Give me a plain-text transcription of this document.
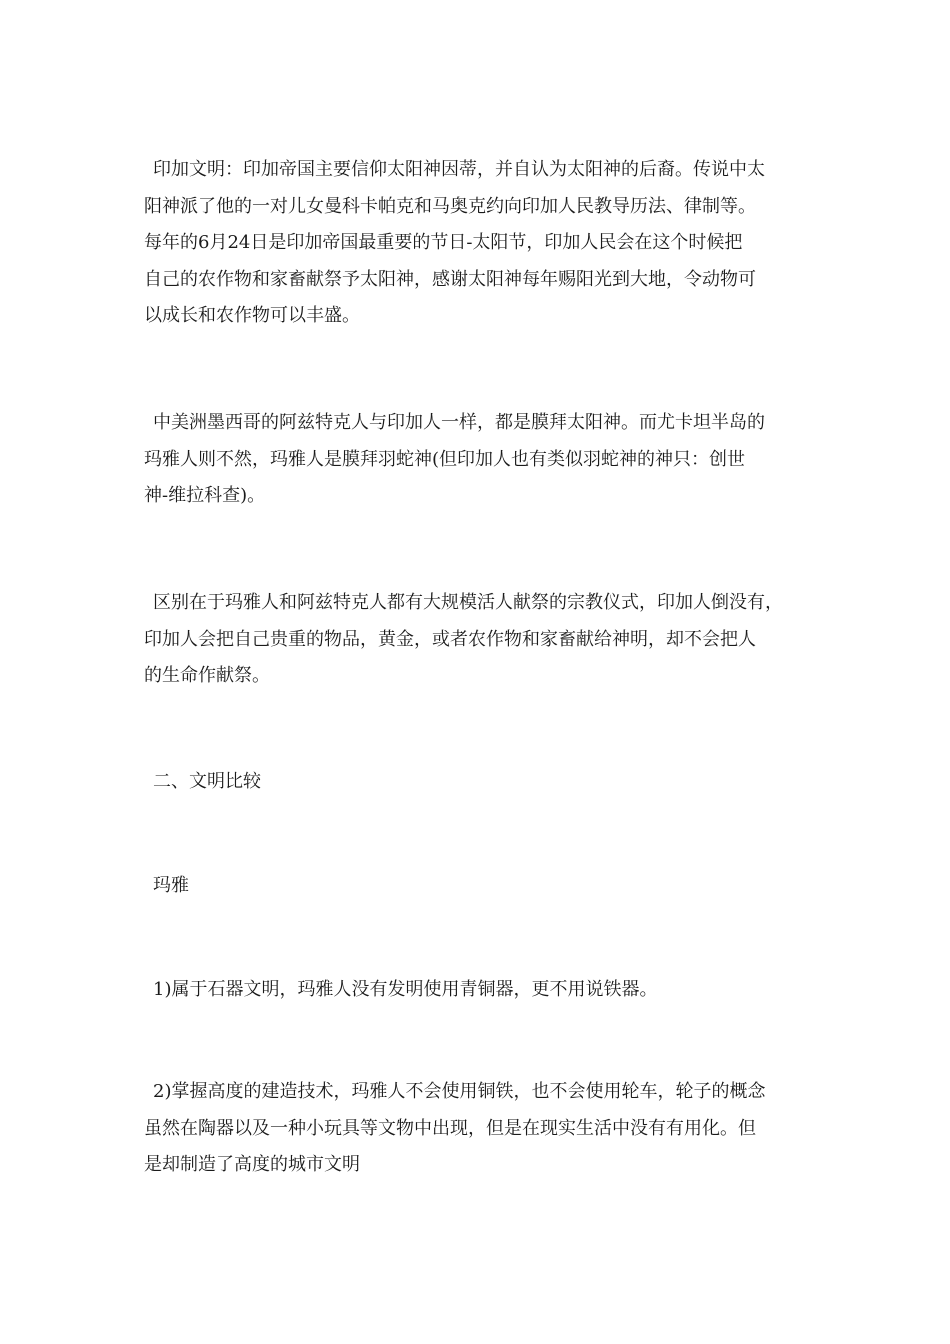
印加文明：印加帝国主要信仰太阳神因蒂，并自认为太阳神的后裔。传说中太
阳神派了他的一对儿女曼科卡帕克和马奥克约向印加人民教导历法、律制等。
每年的6月24日是印加帝国最重要的节日-太阳节，印加人民会在这个时候把
自己的农作物和家畜献祭予太阳神，感谢太阳神每年赐阳光到大地，令动物可
以成长和农作物可以丰盛。

中美洲墨西哥的阿兹特克人与印加人一样，都是膜拜太阳神。而尤卡坦半岛的
玛雅人则不然，玛雅人是膜拜羽蛇神(但印加人也有类似羽蛇神的神只：创世
神-维拉科查)。

区别在于玛雅人和阿兹特克人都有大规模活人献祭的宗教仪式，印加人倒没有，
印加人会把自己贵重的物品，黄金，或者农作物和家畜献给神明，却不会把人
的生命作献祭。

二、文明比较

玛雅

1)属于石器文明，玛雅人没有发明使用青铜器，更不用说铁器。

2)掌握高度的建造技术，玛雅人不会使用铜铁，也不会使用轮车，轮子的概念
虽然在陶器以及一种小玩具等文物中出现，但是在现实生活中没有有用化。但
是却制造了高度的城市文明
